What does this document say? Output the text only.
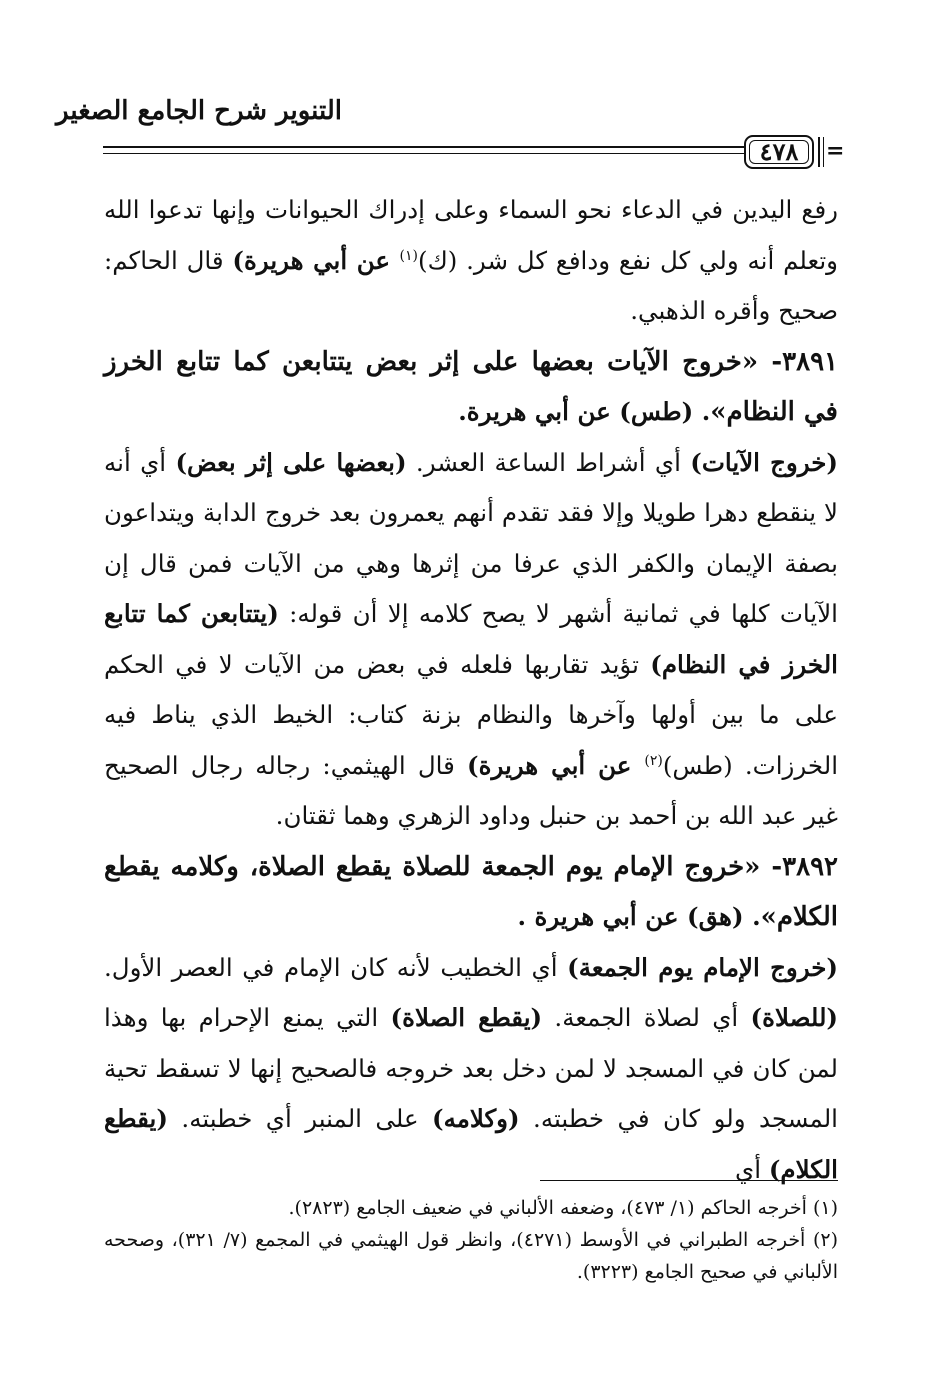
التنوير شرح الجامع الصغير
٤٧٨ =

رفع اليدين في الدعاء نحو السماء وعلى إدراك الحيوانات وإنها تدعوا الله وتعلم أنه ولي كل نفع ودافع كل شر. (ك)$^{(١)}$ عن أبي هريرة) قال الحاكم: صحيح وأقره الذهبي.

٣٨٩١- «خروج الآيات بعضها على إثر بعض يتتابعن كما تتابع الخرز في النظام». (طس) عن أبي هريرة.

(خروج الآيات) أي أشراط الساعة العشر. (بعضها على إثر بعض) أي أنه لا ينقطع دهرا طويلا وإلا فقد تقدم أنهم يعمرون بعد خروج الدابة ويتداعون بصفة الإيمان والكفر الذي عرفا من إثرها وهي من الآيات فمن قال إن الآيات كلها في ثمانية أشهر لا يصح كلامه إلا أن قوله: (يتتابعن كما تتابع الخرز في النظام) تؤيد تقاربها فلعله في بعض من الآيات لا في الحكم على ما بين أولها وآخرها والنظام بزنة كتاب: الخيط الذي يناط فيه الخرزات. (طس)$^{(٢)}$ عن أبي هريرة) قال الهيثمي: رجاله رجال الصحيح غير عبد الله بن أحمد بن حنبل وداود الزهري وهما ثقتان.

٣٨٩٢- «خروج الإمام يوم الجمعة للصلاة يقطع الصلاة، وكلامه يقطع الكلام». (هق) عن أبي هريرة .

(خروج الإمام يوم الجمعة) أي الخطيب لأنه كان الإمام في العصر الأول. (للصلاة) أي لصلاة الجمعة. (يقطع الصلاة) التي يمنع الإحرام بها وهذا لمن كان في المسجد لا لمن دخل بعد خروجه فالصحيح إنها لا تسقط تحية المسجد ولو كان في خطبته. (وكلامه) على المنبر أي خطبته. (يقطع الكلام) أي

(١) أخرجه الحاكم (١/ ٤٧٣)، وضعفه الألباني في ضعيف الجامع (٢٨٢٣).

(٢) أخرجه الطبراني في الأوسط (٤٢٧١)، وانظر قول الهيثمي في المجمع (٧/ ٣٢١)، وصححه الألباني في صحيح الجامع (٣٢٢٣).
